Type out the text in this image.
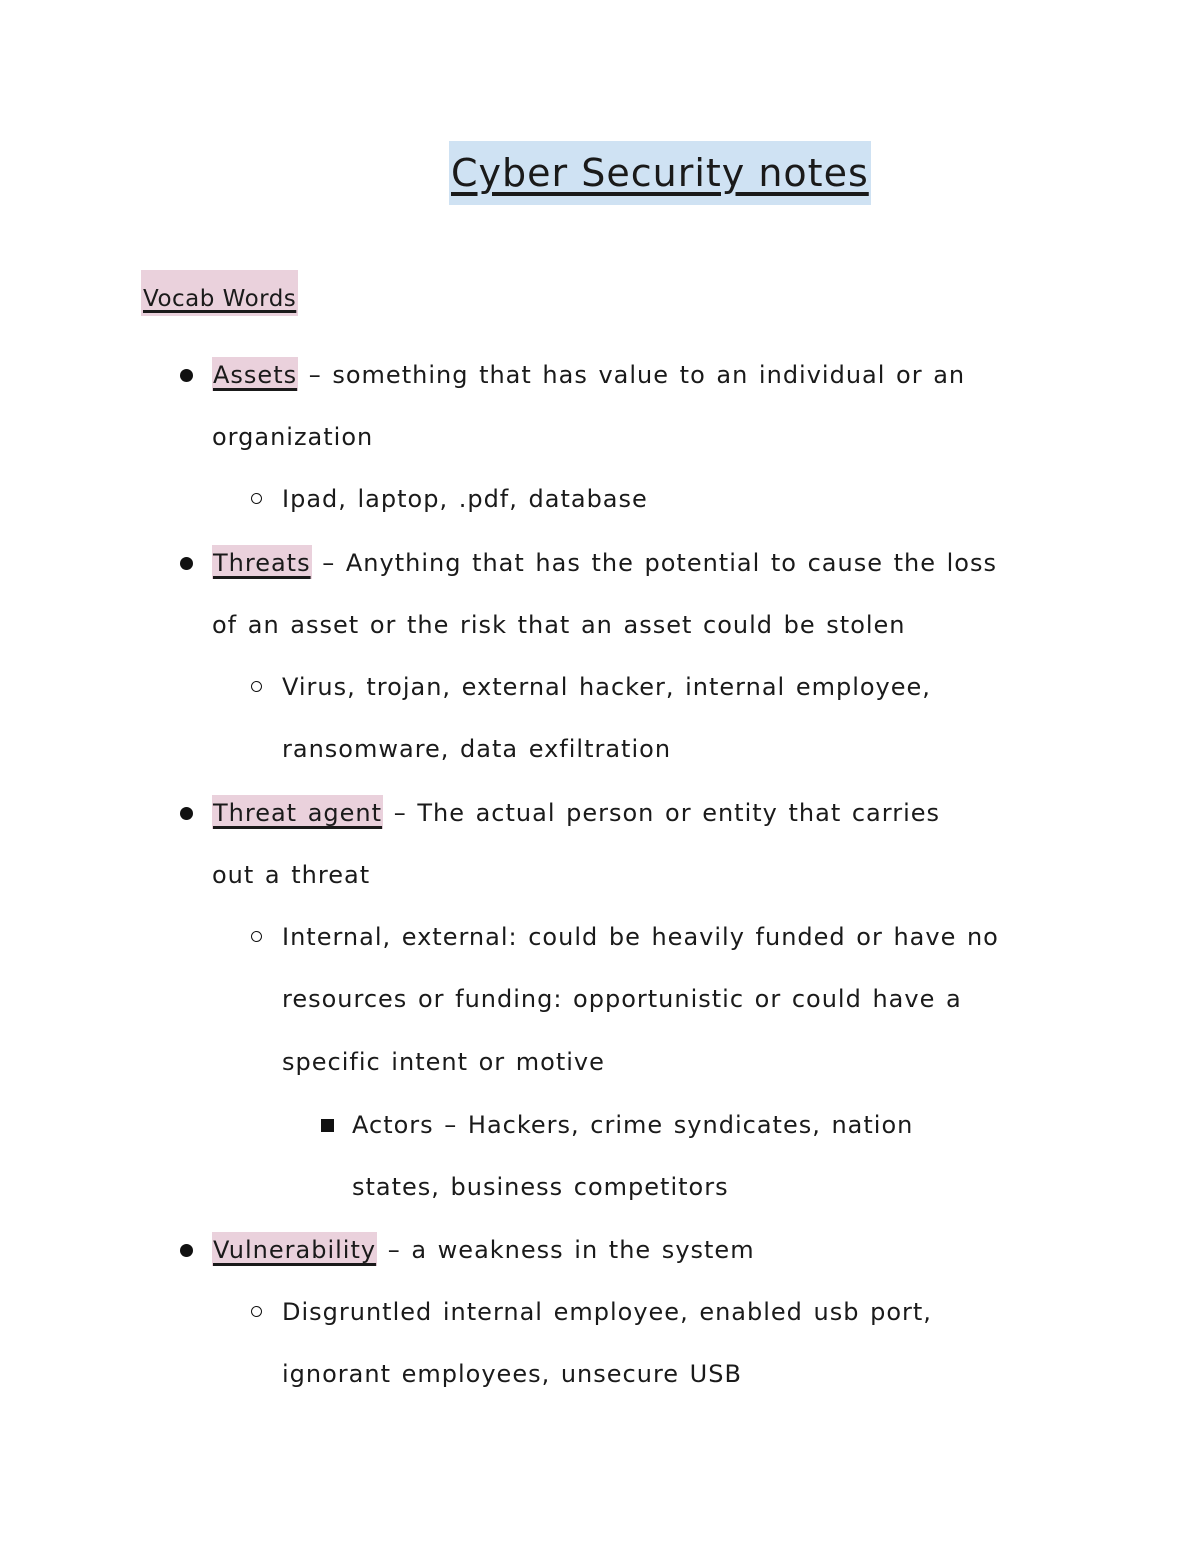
Cyber Security notes
Vocab Words
Assets – something that has value to an individual or an
organization
Ipad, laptop, .pdf, database
Threats – Anything that has the potential to cause the loss
of an asset or the risk that an asset could be stolen
Virus, trojan, external hacker, internal employee,
ransomware, data exfiltration
Threat agent – The actual person or entity that carries
out a threat
Internal, external: could be heavily funded or have no
resources or funding: opportunistic or could have a
specific intent or motive
Actors – Hackers, crime syndicates, nation
states, business competitors
Vulnerability – a weakness in the system
Disgruntled internal employee, enabled usb port,
ignorant employees, unsecure USB
